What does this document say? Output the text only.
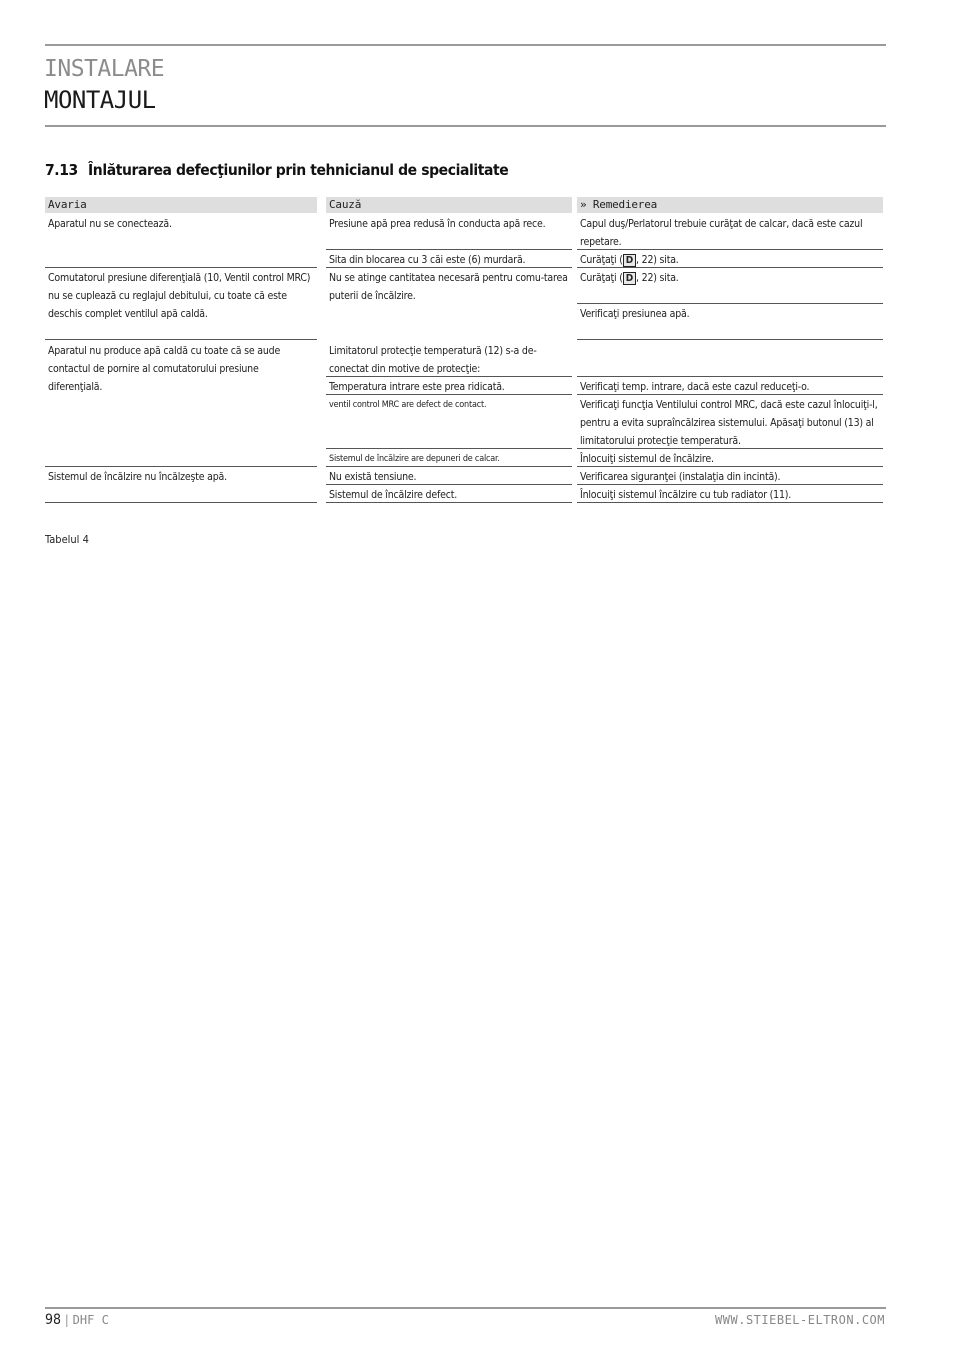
INSTALARE
MONTAJUL
7.13 Înlăturarea defecţiunilor prin tehnicianul de specialitate
Avaria
Aparatul nu se conectează.
Comutatorul presiune diferenţială (10, Ventil control MRC) nu se cuplează cu reglajul debitului, cu toate că este deschis complet ventilul apă caldă.
Aparatul nu produce apă caldă cu toate că se aude contactul de pornire al comutatorului presiune diferenţială.
Sistemul de încălzire nu încălzeşte apă.
Cauză
Presiune apă prea redusă în conducta apă rece.
Sita din blocarea cu 3 căi este (6) murdară.
Nu se atinge cantitatea necesară pentru comu-tarea puterii de încălzire.
Limitatorul protecţie temperatură (12) s-a de-conectat din motive de protecţie:
Temperatura intrare este prea ridicată.
ventil control MRC are defect de contact.
Sistemul de încălzire are depuneri de calcar.
Nu există tensiune.
Sistemul de încălzire defect.
» Remedierea
Capul duş/Perlatorul trebuie curăţat de calcar, dacă este cazul repetare.
Curăţaţi ( D , 22) sita.
Curăţaţi ( D , 22) sita.
Verificaţi presiunea apă.
Verificaţi temp. intrare, dacă este cazul reduceţi-o.
Verificaţi funcţia Ventilului control MRC, dacă este cazul înlocuiţi-l, pentru a evita supraîncălzirea sistemului. Apăsaţi butonul (13) al limitatorului protecţie temperatură.
Înlocuiţi sistemul de încălzire.
Verificarea siguranţei (instalaţia din incintă).
Înlocuiţi sistemul încălzire cu tub radiator (11).
Tabelul 4
98 | DHF C	WWW.STIEBEL-ELTRON.COM
